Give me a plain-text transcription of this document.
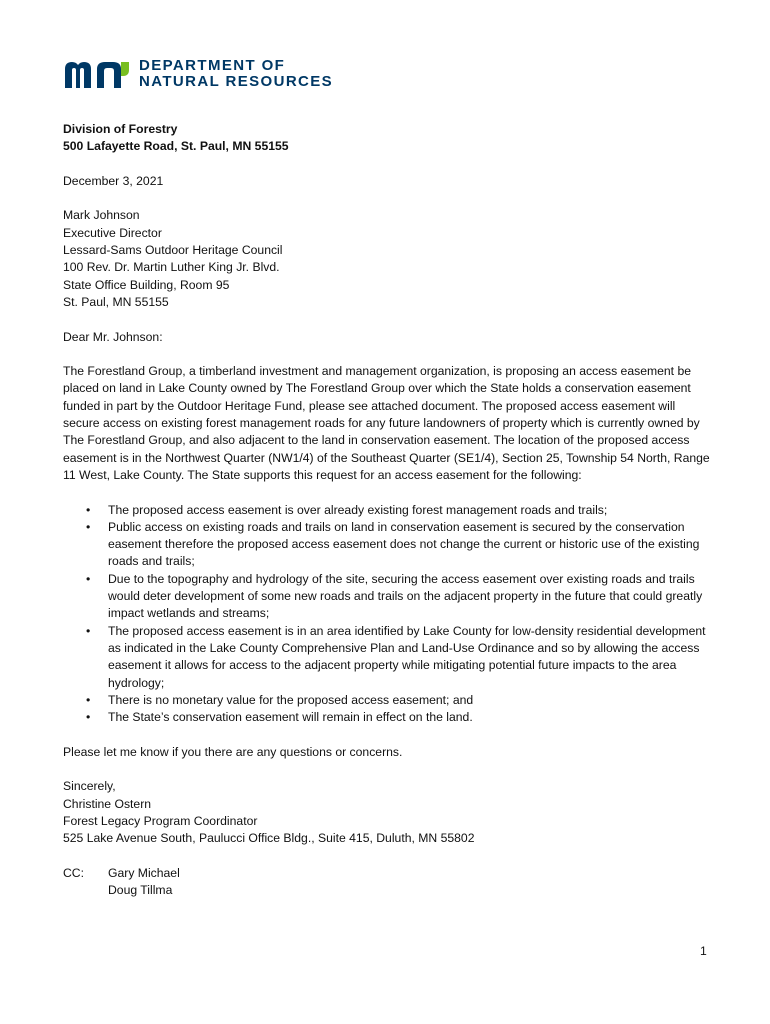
DEPARTMENT OF
NATURAL RESOURCES

Division of Forestry

500 Lafayette Road, St. Paul, MN 55155

December 3, 2021

Mark Johnson

Executive Director

Lessard-Sams Outdoor Heritage Council

100 Rev. Dr. Martin Luther King Jr. Blvd.

State Office Building, Room 95

St. Paul, MN 55155

Dear Mr. Johnson:

The Forestland Group, a timberland investment and management organization, is proposing an access easement be placed on land in Lake County owned by The Forestland Group over which the State holds a conservation easement funded in part by the Outdoor Heritage Fund, please see attached document. The proposed access easement will secure access on existing forest management roads for any future landowners of property which is currently owned by The Forestland Group, and also adjacent to the land in conservation easement. The location of the proposed access easement is in the Northwest Quarter (NW1/4) of the Southeast Quarter (SE1/4), Section 25, Township 54 North, Range 11 West, Lake County. The State supports this request for an access easement for the following:

• The proposed access easement is over already existing forest management roads and trails;
• Public access on existing roads and trails on land in conservation easement is secured by the conservation easement therefore the proposed access easement does not change the current or historic use of the existing roads and trails;
• Due to the topography and hydrology of the site, securing the access easement over existing roads and trails would deter development of some new roads and trails on the adjacent property in the future that could greatly impact wetlands and streams;
• The proposed access easement is in an area identified by Lake County for low-density residential development as indicated in the Lake County Comprehensive Plan and Land-Use Ordinance and so by allowing the access easement it allows for access to the adjacent property while mitigating potential future impacts to the area hydrology;
• There is no monetary value for the proposed access easement; and
• The State’s conservation easement will remain in effect on the land.

Please let me know if you there are any questions or concerns.

Sincerely,

Christine Ostern

Forest Legacy Program Coordinator

525 Lake Avenue South, Paulucci Office Bldg., Suite 415, Duluth, MN 55802

CC:	Gary Michael
Doug Tillma
1
